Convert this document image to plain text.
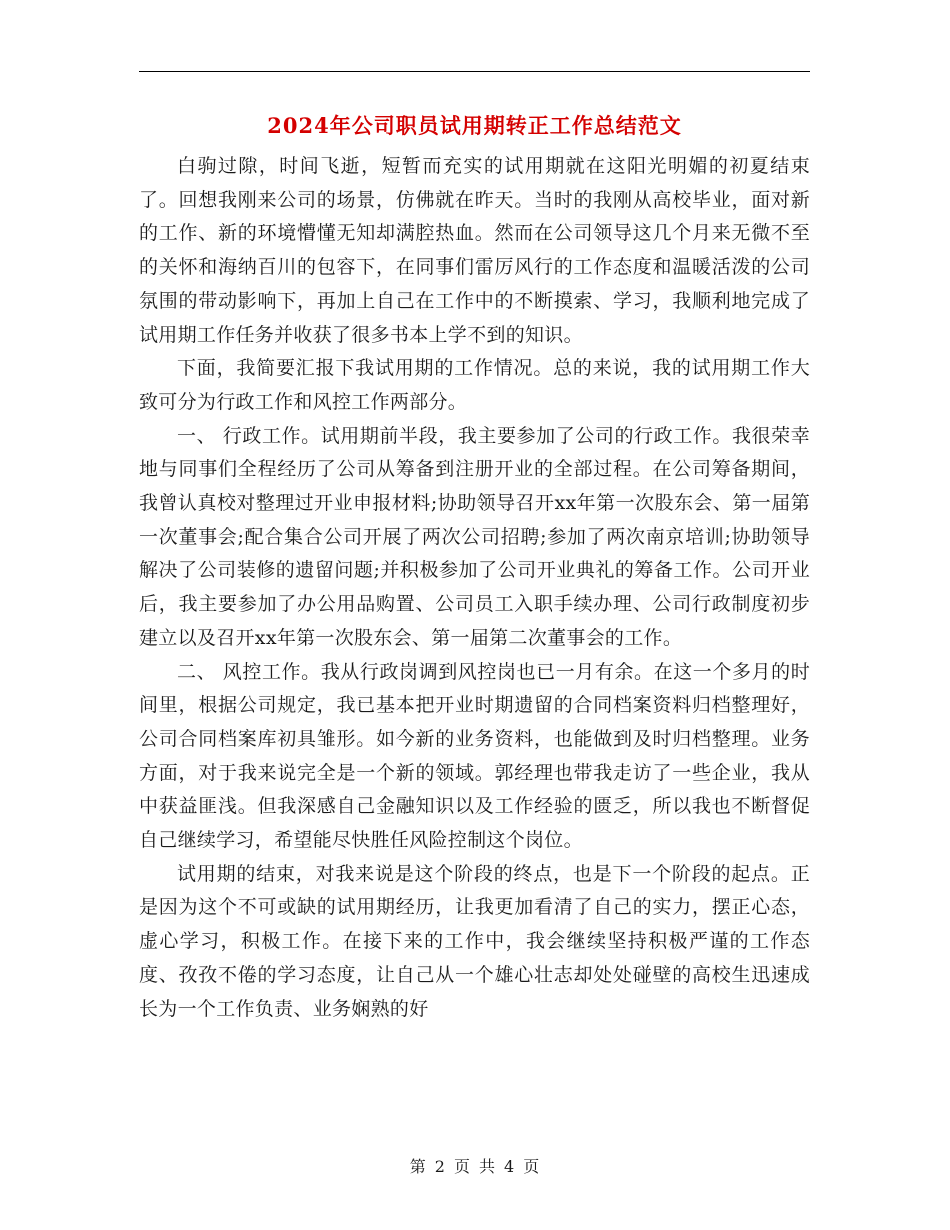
2024年公司职员试用期转正工作总结范文

白驹过隙，时间飞逝，短暂而充实的试用期就在这阳光明媚的初夏结束了。回想我刚来公司的场景，仿佛就在昨天。当时的我刚从高校毕业，面对新的工作、新的环境懵懂无知却满腔热血。然而在公司领导这几个月来无微不至的关怀和海纳百川的包容下，在同事们雷厉风行的工作态度和温暖活泼的公司氛围的带动影响下，再加上自己在工作中的不断摸索、学习，我顺利地完成了试用期工作任务并收获了很多书本上学不到的知识。

下面，我简要汇报下我试用期的工作情况。总的来说，我的试用期工作大致可分为行政工作和风控工作两部分。

一、 行政工作。试用期前半段，我主要参加了公司的行政工作。我很荣幸地与同事们全程经历了公司从筹备到注册开业的全部过程。在公司筹备期间，我曾认真校对整理过开业申报材料;协助领导召开xx年第一次股东会、第一届第一次董事会;配合集合公司开展了两次公司招聘;参加了两次南京培训;协助领导解决了公司装修的遗留问题;并积极参加了公司开业典礼的筹备工作。公司开业后，我主要参加了办公用品购置、公司员工入职手续办理、公司行政制度初步建立以及召开xx年第一次股东会、第一届第二次董事会的工作。

二、 风控工作。我从行政岗调到风控岗也已一月有余。在这一个多月的时间里，根据公司规定，我已基本把开业时期遗留的合同档案资料归档整理好，公司合同档案库初具雏形。如今新的业务资料，也能做到及时归档整理。业务方面，对于我来说完全是一个新的领域。郭经理也带我走访了一些企业，我从中获益匪浅。但我深感自己金融知识以及工作经验的匮乏，所以我也不断督促自己继续学习，希望能尽快胜任风险控制这个岗位。

试用期的结束，对我来说是这个阶段的终点，也是下一个阶段的起点。正是因为这个不可或缺的试用期经历，让我更加看清了自己的实力，摆正心态，虚心学习，积极工作。在接下来的工作中，我会继续坚持积极严谨的工作态度、孜孜不倦的学习态度，让自己从一个雄心壮志却处处碰壁的高校生迅速成长为一个工作负责、业务娴熟的好

第 2 页 共 4 页
